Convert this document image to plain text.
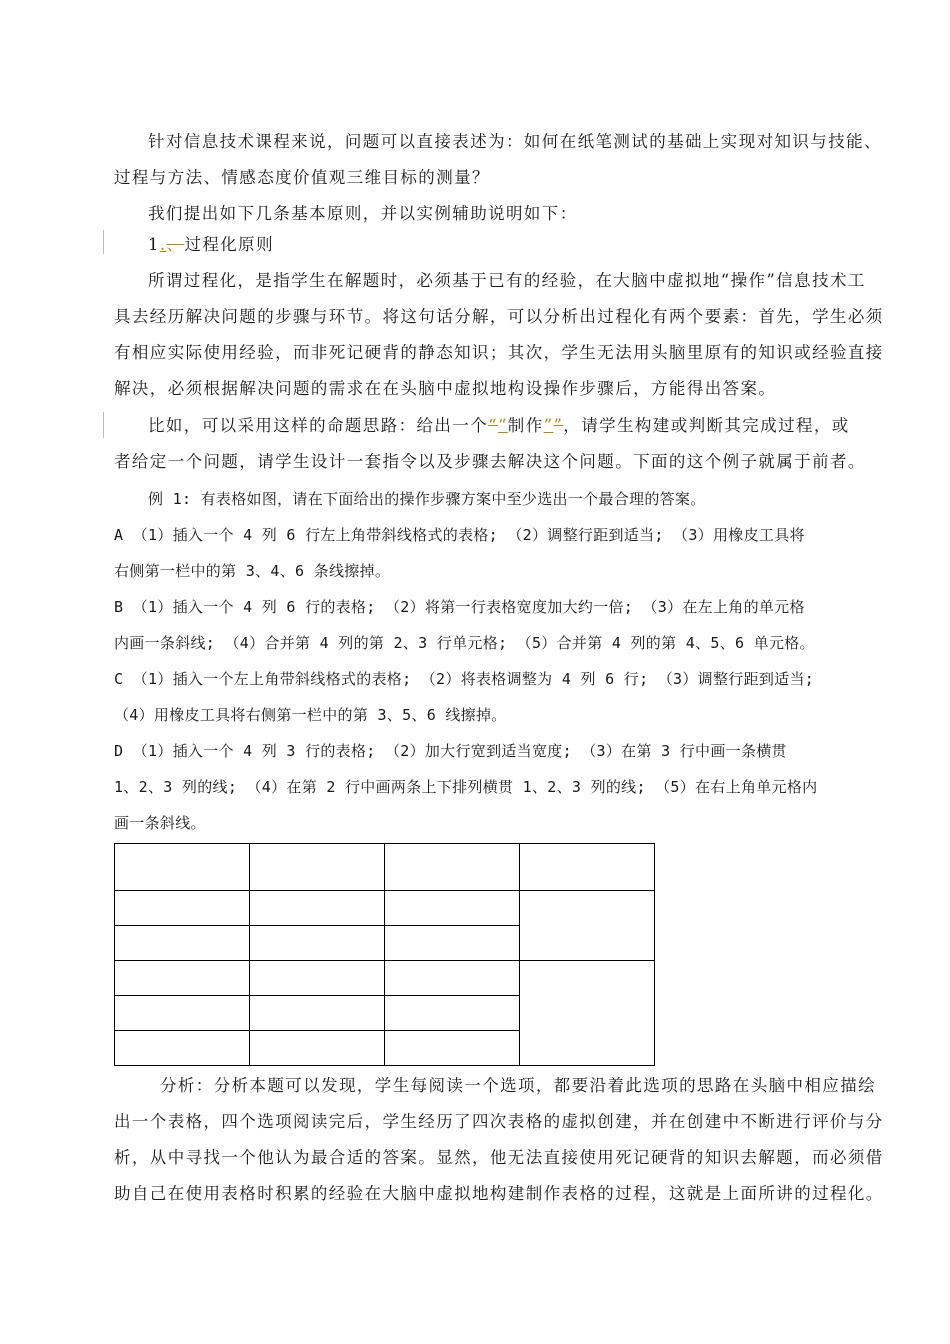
针对信息技术课程来说，问题可以直接表述为：如何在纸笔测试的基础上实现对知识与技能、
过程与方法、情感态度价值观三维目标的测量？
我们提出如下几条基本原则，并以实例辅助说明如下：
1.、过程化原则
所谓过程化，是指学生在解题时，必须基于已有的经验，在大脑中虚拟地“操作”信息技术工
具去经历解决问题的步骤与环节。将这句话分解，可以分析出过程化有两个要素：首先，学生必须
有相应实际使用经验，而非死记硬背的静态知识；其次，学生无法用头脑里原有的知识或经验直接
解决，必须根据解决问题的需求在在头脑中虚拟地构设操作步骤后，方能得出答案。
比如，可以采用这样的命题思路：给出一个““制作””，请学生构建或判断其完成过程，或
者给定一个问题，请学生设计一套指令以及步骤去解决这个问题。下面的这个例子就属于前者。
例 1: 有表格如图，请在下面给出的操作步骤方案中至少选出一个最合理的答案。
A （1）插入一个 4 列 6 行左上角带斜线格式的表格; （2）调整行距到适当; （3）用橡皮工具将
右侧第一栏中的第 3、4、6 条线擦掉。
B （1）插入一个 4 列 6 行的表格; （2）将第一行表格宽度加大约一倍; （3）在左上角的单元格
内画一条斜线; （4）合并第 4 列的第 2、3 行单元格; （5）合并第 4 列的第 4、5、6 单元格。
C （1）插入一个左上角带斜线格式的表格; （2）将表格调整为 4 列 6 行; （3）调整行距到适当;
（4）用橡皮工具将右侧第一栏中的第 3、5、6 线擦掉。
D （1）插入一个 4 列 3 行的表格; （2）加大行宽到适当宽度; （3）在第 3 行中画一条横贯
1、2、3 列的线; （4）在第 2 行中画两条上下排列横贯 1、2、3 列的线; （5）在右上角单元格内
画一条斜线。

分析：分析本题可以发现，学生每阅读一个选项，都要沿着此选项的思路在头脑中相应描绘
出一个表格，四个选项阅读完后，学生经历了四次表格的虚拟创建，并在创建中不断进行评价与分
析，从中寻找一个他认为最合适的答案。显然，他无法直接使用死记硬背的知识去解题，而必须借
助自己在使用表格时积累的经验在大脑中虚拟地构建制作表格的过程，这就是上面所讲的过程化。
